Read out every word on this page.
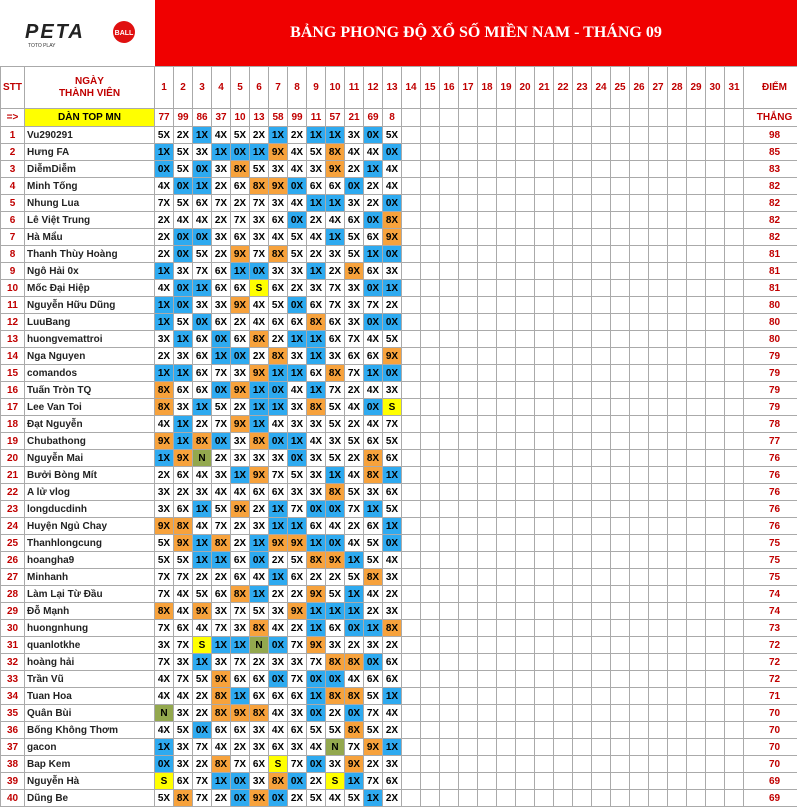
PETA	BALL
TOTO PLAY
BẢNG PHONG ĐỘ XỔ SỐ MIỀN NAM - THÁNG 09
STT	NGÀY
THÀNH VIÊN	1	2	3	4	5	6	7	8	9	10	11	12	13	14	15	16	17	18	19	20	21	22	23	24	25	26	27	28	29	30	31	ĐIỂM
=>	DÀN TOP MN	77	99	86	37	10	13	58	99	11	57	21	69	8																			THẮNG
1	Vu290291	5X	2X	1X	4X	5X	2X	1X	2X	1X	1X	3X	0X	5X																			98
2	Hưng FA	1X	5X	3X	1X	0X	1X	9X	4X	5X	8X	4X	4X	0X																			85
3	DiễmDiễm	0X	5X	0X	3X	8X	5X	3X	4X	3X	9X	2X	1X	4X																			83
4	Minh Tống	4X	0X	1X	2X	6X	8X	9X	0X	6X	6X	0X	2X	4X																			82
5	Nhung Lua	7X	5X	6X	7X	2X	7X	3X	4X	1X	1X	3X	2X	0X																			82
6	Lê Việt Trung	2X	4X	4X	2X	7X	3X	6X	0X	2X	4X	6X	0X	8X																			82
7	Hà Mẩu	2X	0X	0X	3X	6X	3X	4X	5X	4X	1X	5X	6X	9X																			82
8	Thanh Thùy Hoàng	2X	0X	5X	2X	9X	7X	8X	5X	2X	3X	5X	1X	0X																			81
9	Ngô Hải 0x	1X	3X	7X	6X	1X	0X	3X	3X	1X	2X	9X	6X	3X																			81
10	Mốc Đại Hiệp	4X	0X	1X	6X	6X	S	6X	2X	3X	7X	3X	0X	1X																			81
11	Nguyễn Hữu Dũng	1X	0X	3X	3X	9X	4X	5X	0X	6X	7X	3X	7X	2X																			80
12	LuuBang	1X	5X	0X	6X	2X	4X	6X	6X	8X	6X	3X	0X	0X																			80
13	huongvemattroi	3X	1X	6X	0X	6X	8X	2X	1X	1X	6X	7X	4X	5X																			80
14	Nga Nguyen	2X	3X	6X	1X	0X	2X	8X	3X	1X	3X	6X	6X	9X																			79
15	comandos	1X	1X	6X	7X	3X	9X	1X	1X	6X	8X	7X	1X	0X																			79
16	Tuấn Tròn TQ	8X	6X	6X	0X	9X	1X	0X	4X	1X	7X	2X	4X	3X																			79
17	Lee Van Toi	8X	3X	1X	5X	2X	1X	1X	3X	8X	5X	4X	0X	S																			79
18	Đạt Nguyễn	4X	1X	2X	7X	9X	1X	4X	3X	3X	5X	2X	4X	7X																			78
19	Chubathong	9X	1X	8X	0X	3X	8X	0X	1X	4X	3X	5X	6X	5X																			77
20	Nguyễn Mai	1X	9X	N	2X	3X	3X	3X	0X	3X	5X	2X	8X	6X																			76
21	Bưởi Bòng Mít	2X	6X	4X	3X	1X	9X	7X	5X	3X	1X	4X	8X	1X																			76
22	A lử vlog	3X	2X	3X	4X	4X	6X	6X	3X	3X	8X	5X	3X	6X																			76
23	longducdinh	3X	6X	1X	5X	9X	2X	1X	7X	0X	0X	7X	1X	5X																			76
24	Huyện Ngủ Chay	9X	8X	4X	7X	2X	3X	1X	1X	6X	4X	2X	6X	1X																			76
25	Thanhlongcung	5X	9X	1X	8X	2X	1X	9X	9X	1X	0X	4X	5X	0X																			75
26	hoangha9	5X	5X	1X	1X	6X	0X	2X	5X	8X	9X	1X	5X	4X																			75
27	Minhanh	7X	7X	2X	2X	6X	4X	1X	6X	2X	2X	5X	8X	3X																			75
28	Làm Lại Từ Đầu	7X	4X	5X	6X	8X	1X	2X	2X	9X	5X	1X	4X	2X																			74
29	Đỗ Mạnh	8X	4X	9X	3X	7X	5X	3X	9X	1X	1X	1X	2X	3X																			74
30	huongnhung	7X	6X	4X	7X	3X	8X	4X	2X	1X	6X	0X	1X	8X																			73
31	quanlotkhe	3X	7X	S	1X	1X	N	0X	7X	9X	3X	2X	3X	2X																			72
32	hoàng hải	7X	3X	1X	3X	7X	2X	3X	3X	7X	8X	8X	0X	6X																			72
33	Trần Vũ	4X	7X	5X	9X	6X	6X	0X	7X	0X	0X	4X	6X	6X																			72
34	Tuan Hoa	4X	4X	2X	8X	1X	6X	6X	6X	1X	8X	8X	5X	1X																			71
35	Quân Bùi	N	3X	2X	8X	9X	8X	4X	3X	0X	2X	0X	7X	4X																			70
36	Bống Không Thơm	4X	5X	0X	6X	6X	3X	4X	6X	5X	5X	8X	5X	2X																			70
37	gacon	1X	3X	7X	4X	2X	3X	6X	3X	4X	N	7X	9X	1X																			70
38	Bap Kem	0X	3X	2X	8X	7X	6X	S	7X	0X	3X	9X	2X	3X																			70
39	Nguyễn Hà	S	6X	7X	1X	0X	3X	8X	0X	2X	S	1X	7X	6X																			69
40	Dũng Be	5X	8X	7X	2X	0X	9X	0X	2X	5X	4X	5X	1X	2X																			69
